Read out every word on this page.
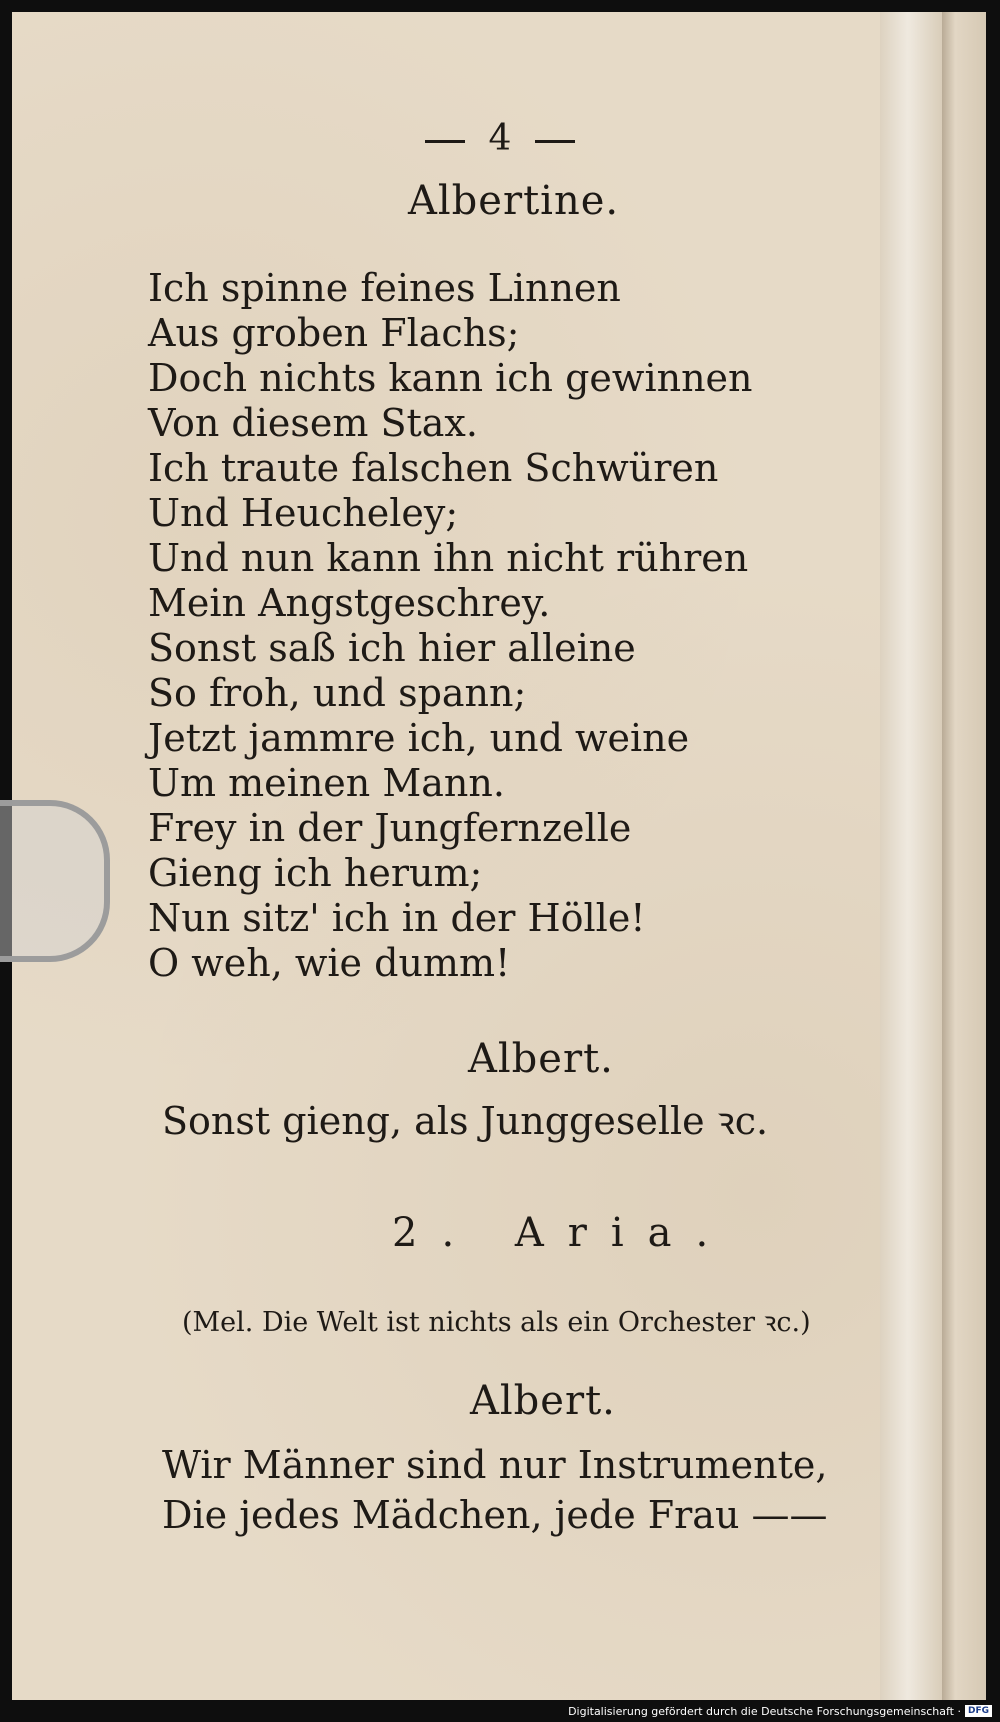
4
Albertine.
Ich spinne feines Linnen
Aus groben Flachs;
Doch nichts kann ich gewinnen
Von diesem Stax.
Ich traute falschen Schwüren
Und Heucheley;
Und nun kann ihn nicht rühren
Mein Angstgeschrey.
Sonst saß ich hier alleine
So froh, und spann;
Jetzt jammre ich, und weine
Um meinen Mann.
Frey in der Jungfernzelle
Gieng ich herum;
Nun sitz' ich in der Hölle!
O weh, wie dumm!
Albert.
Sonst gieng, als Junggeselle ꝛc.
2. Aria.
(Mel. Die Welt ist nichts als ein Orchester ꝛc.)
Albert.
Wir Männer sind nur Instrumente,
Die jedes Mädchen, jede Frau ——
Digitalisierung gefördert durch die Deutsche Forschungsgemeinschaft · DFG
